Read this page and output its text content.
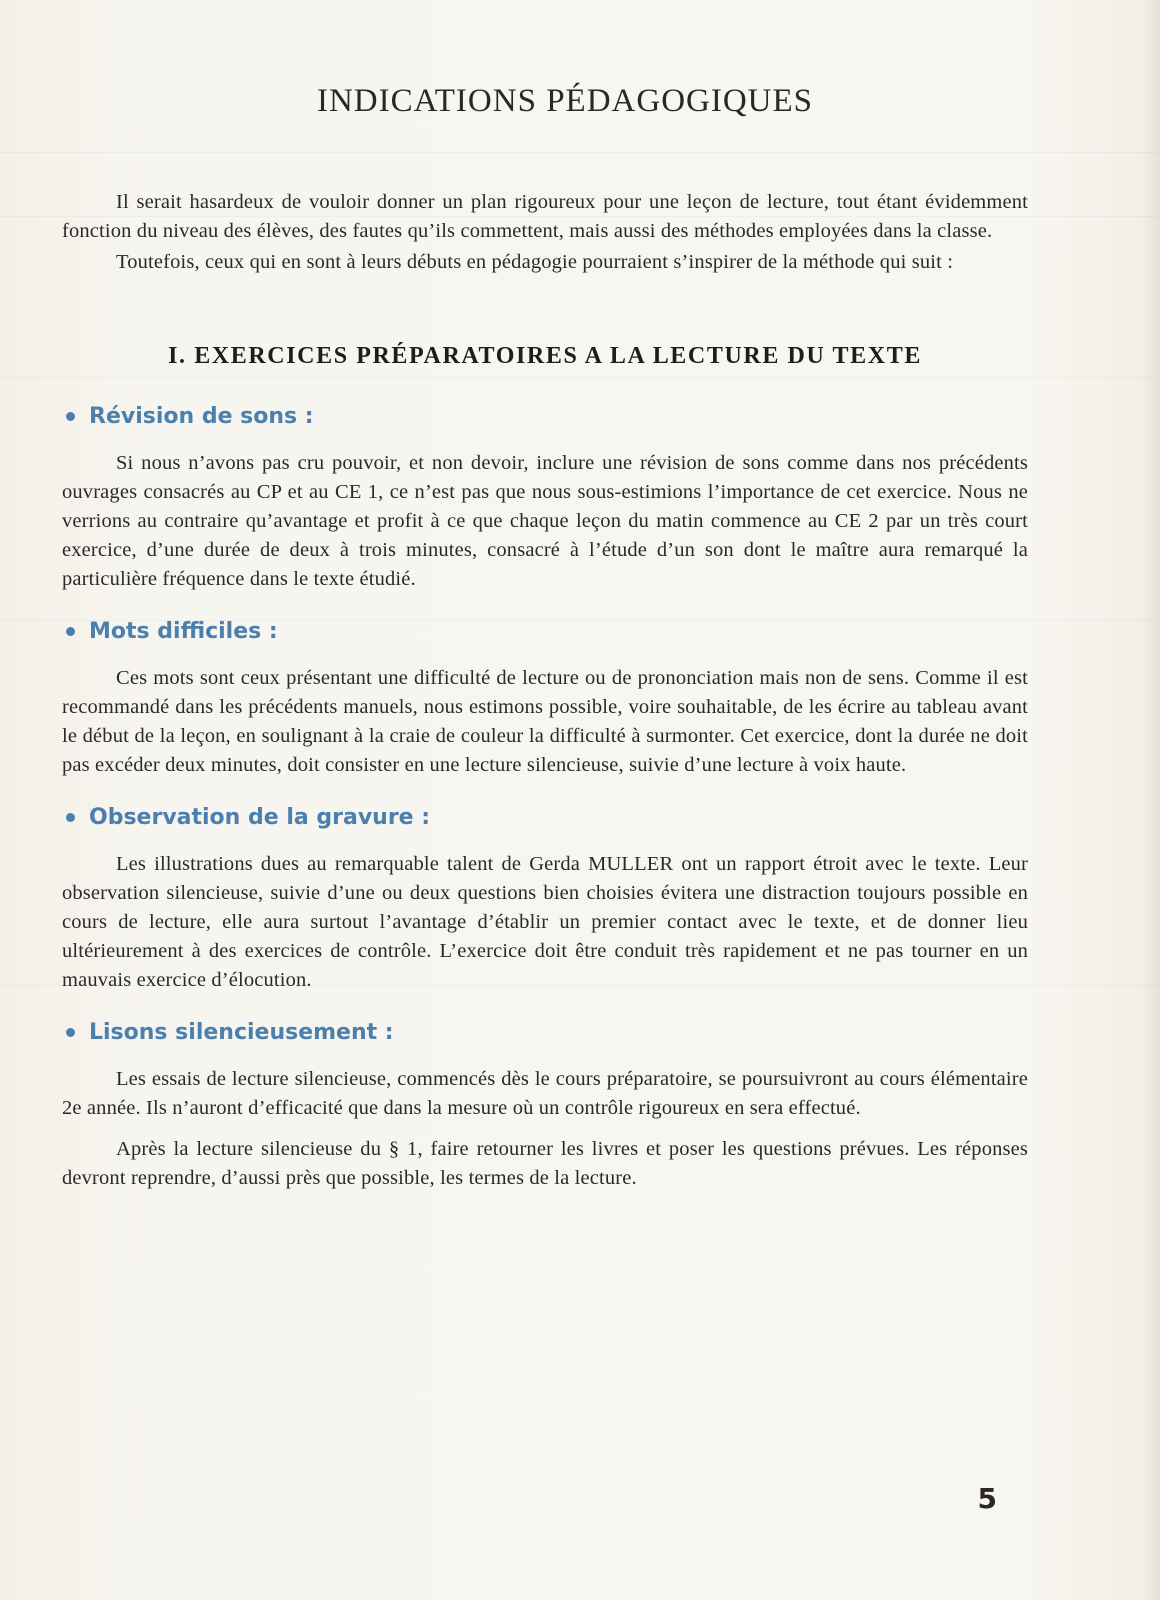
INDICATIONS PÉDAGOGIQUES

Il serait hasardeux de vouloir donner un plan rigoureux pour une leçon de lecture, tout étant évidemment fonction du niveau des élèves, des fautes qu’ils commettent, mais aussi des méthodes employées dans la classe.

Toutefois, ceux qui en sont à leurs débuts en pédagogie pourraient s’inspirer de la méthode qui suit :

I. EXERCICES PRÉPARATOIRES A LA LECTURE DU TEXTE
Révision de sons :

Si nous n’avons pas cru pouvoir, et non devoir, inclure une révision de sons comme dans nos précédents ouvrages consacrés au CP et au CE 1, ce n’est pas que nous sous-estimions l’importance de cet exercice. Nous ne verrions au contraire qu’avantage et profit à ce que chaque leçon du matin commence au CE 2 par un très court exercice, d’une durée de deux à trois minutes, consacré à l’étude d’un son dont le maître aura remarqué la particulière fréquence dans le texte étudié.

Mots difficiles :

Ces mots sont ceux présentant une difficulté de lecture ou de prononciation mais non de sens. Comme il est recommandé dans les précédents manuels, nous estimons possible, voire souhaitable, de les écrire au tableau avant le début de la leçon, en soulignant à la craie de couleur la difficulté à surmonter. Cet exercice, dont la durée ne doit pas excéder deux minutes, doit consister en une lecture silencieuse, suivie d’une lecture à voix haute.

Observation de la gravure :

Les illustrations dues au remarquable talent de Gerda MULLER ont un rapport étroit avec le texte. Leur observation silencieuse, suivie d’une ou deux questions bien choisies évitera une distraction toujours possible en cours de lecture, elle aura surtout l’avantage d’établir un premier contact avec le texte, et de donner lieu ultérieurement à des exercices de contrôle. L’exercice doit être conduit très rapidement et ne pas tourner en un mauvais exercice d’élocution.

Lisons silencieusement :

Les essais de lecture silencieuse, commencés dès le cours préparatoire, se poursuivront au cours élémentaire 2e année. Ils n’auront d’efficacité que dans la mesure où un contrôle rigoureux en sera effectué.

Après la lecture silencieuse du § 1, faire retourner les livres et poser les questions prévues. Les réponses devront reprendre, d’aussi près que possible, les termes de la lecture.

5
